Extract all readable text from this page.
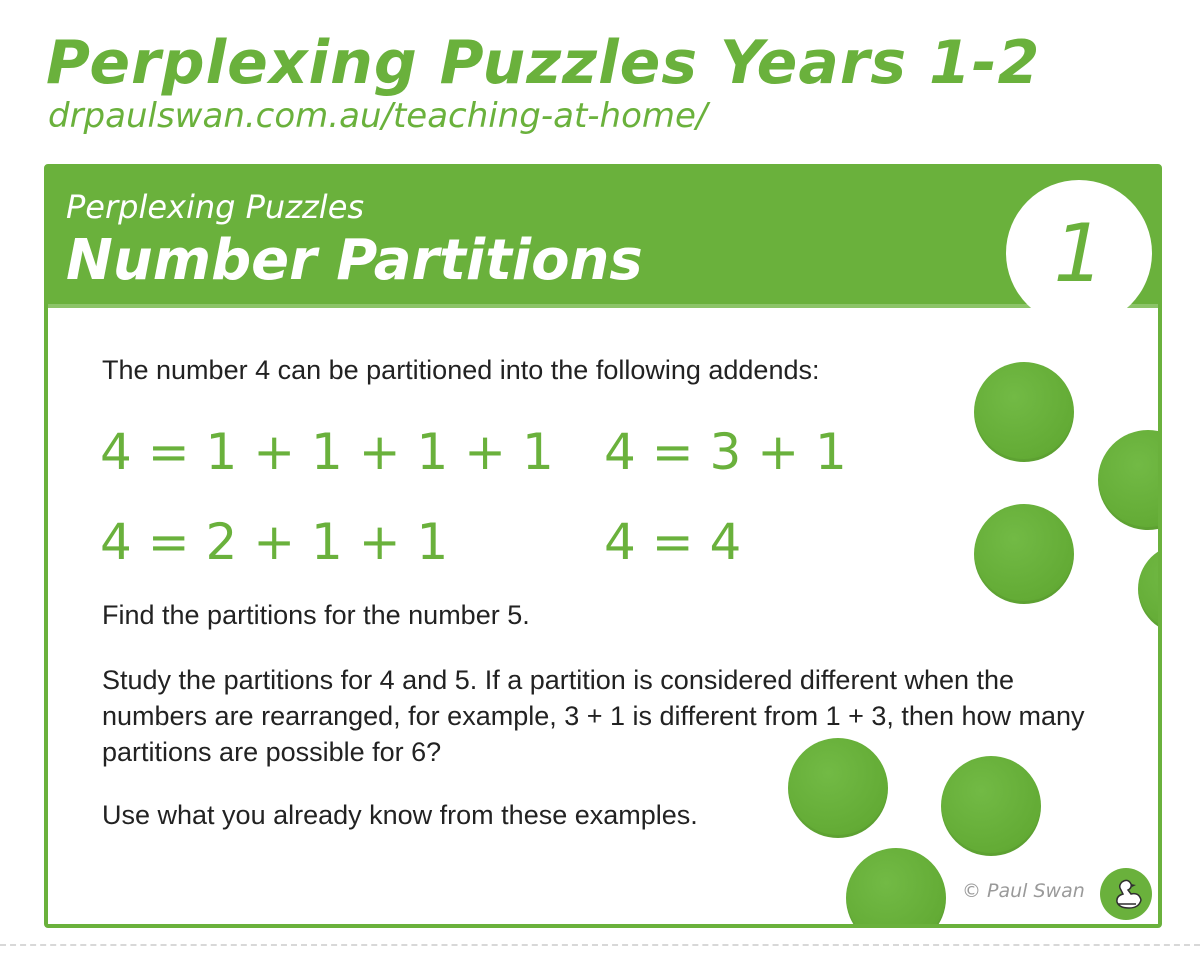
Perplexing Puzzles Years 1-2
drpaulswan.com.au/teaching-at-home/
Perplexing Puzzles
Number Partitions	1
The number 4 can be partitioned into the following addends:
4 = 1 + 1 + 1 + 1 4 = 3 + 1
4 = 2 + 1 + 1	4 = 4
Find the partitions for the number 5.
Study the partitions for 4 and 5. If a partition is considered different when the numbers are rearranged, for example, 3 + 1 is different from 1 + 3, then how many partitions are possible for 6?
Use what you already know from these examples.
© Paul Swan
